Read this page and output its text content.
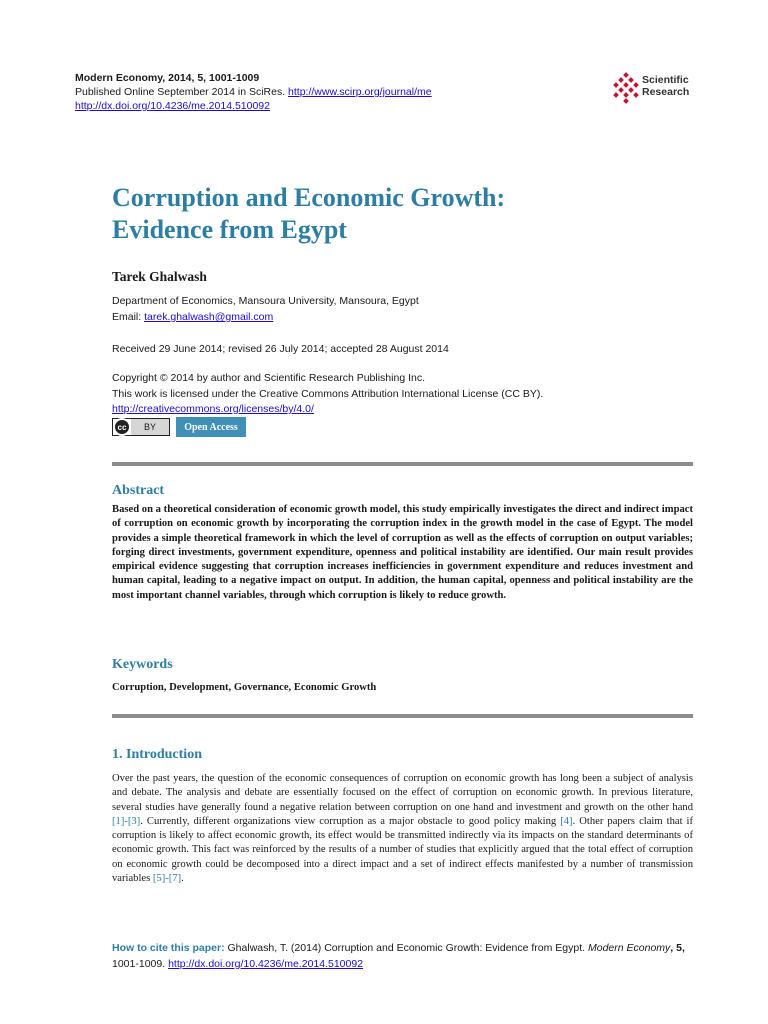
Modern Economy, 2014, 5, 1001-1009
Published Online September 2014 in SciRes. http://www.scirp.org/journal/me
http://dx.doi.org/10.4236/me.2014.510092
Scientific
Research
Corruption and Economic Growth:
Evidence from Egypt
Tarek Ghalwash
Department of Economics, Mansoura University, Mansoura, Egypt
Email: tarek.ghalwash@gmail.com
Received 29 June 2014; revised 26 July 2014; accepted 28 August 2014
Copyright © 2014 by author and Scientific Research Publishing Inc.
This work is licensed under the Creative Commons Attribution International License (CC BY).
http://creativecommons.org/licenses/by/4.0/
cc	BY	Open Access
Abstract
Based on a theoretical consideration of economic growth model, this study empirically investigates the direct and indirect impact of corruption on economic growth by incorporating the corruption index in the growth model in the case of Egypt. The model provides a simple theoretical framework in which the level of corruption as well as the effects of corruption on output variables; forging direct investments, government expenditure, openness and political instability are identified. Our main result provides empirical evidence suggesting that corruption increases inefficiencies in government expenditure and reduces investment and human capital, leading to a negative impact on output. In addition, the human capital, openness and political instability are the most important channel variables, through which corruption is likely to reduce growth.
Keywords
Corruption, Development, Governance, Economic Growth
1. Introduction
Over the past years, the question of the economic consequences of corruption on economic growth has long been a subject of analysis and debate. The analysis and debate are essentially focused on the effect of corruption on economic growth. In previous literature, several studies have generally found a negative relation between corruption on one hand and investment and growth on the other hand [1]-[3]. Currently, different organizations view corruption as a major obstacle to good policy making [4]. Other papers claim that if corruption is likely to affect economic growth, its effect would be transmitted indirectly via its impacts on the standard determinants of economic growth. This fact was reinforced by the results of a number of studies that explicitly argued that the total effect of corruption on economic growth could be decomposed into a direct impact and a set of indirect effects manifested by a number of transmission variables [5]-[7].
How to cite this paper: Ghalwash, T. (2014) Corruption and Economic Growth: Evidence from Egypt. Modern Economy, 5,
1001-1009. http://dx.doi.org/10.4236/me.2014.510092
